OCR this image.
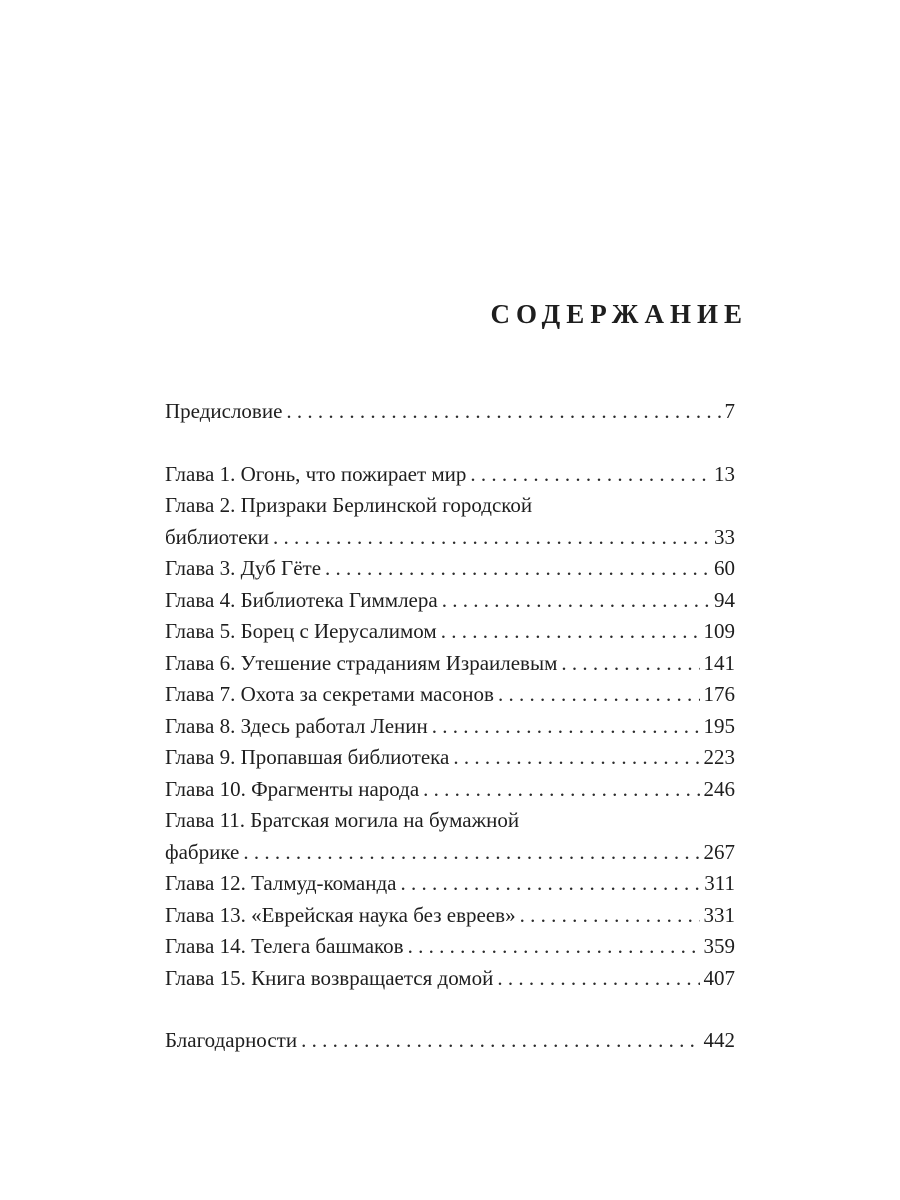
СОДЕРЖАНИЕ
Предисловие . . .	7
Глава 1. Огонь, что пожирает мир . . .	13
Глава 2. Призраки Берлинской городской
библиотеки . . .	33
Глава 3. Дуб Гёте . . .	60
Глава 4. Библиотека Гиммлера . . .	94
Глава 5. Борец с Иерусалимом . . .	109
Глава 6. Утешение страданиям Израилевым . . .	141
Глава 7. Охота за секретами масонов . . .	176
Глава 8. Здесь работал Ленин . . .	195
Глава 9. Пропавшая библиотека . . .	223
Глава 10. Фрагменты народа . . .	246
Глава 11. Братская могила на бумажной
фабрике . . .	267
Глава 12. Талмуд-команда . . .	311
Глава 13. «Еврейская наука без евреев» . . .	331
Глава 14. Телега башмаков . . .	359
Глава 15. Книга возвращается домой . . .	407
Благодарности . . .	442
